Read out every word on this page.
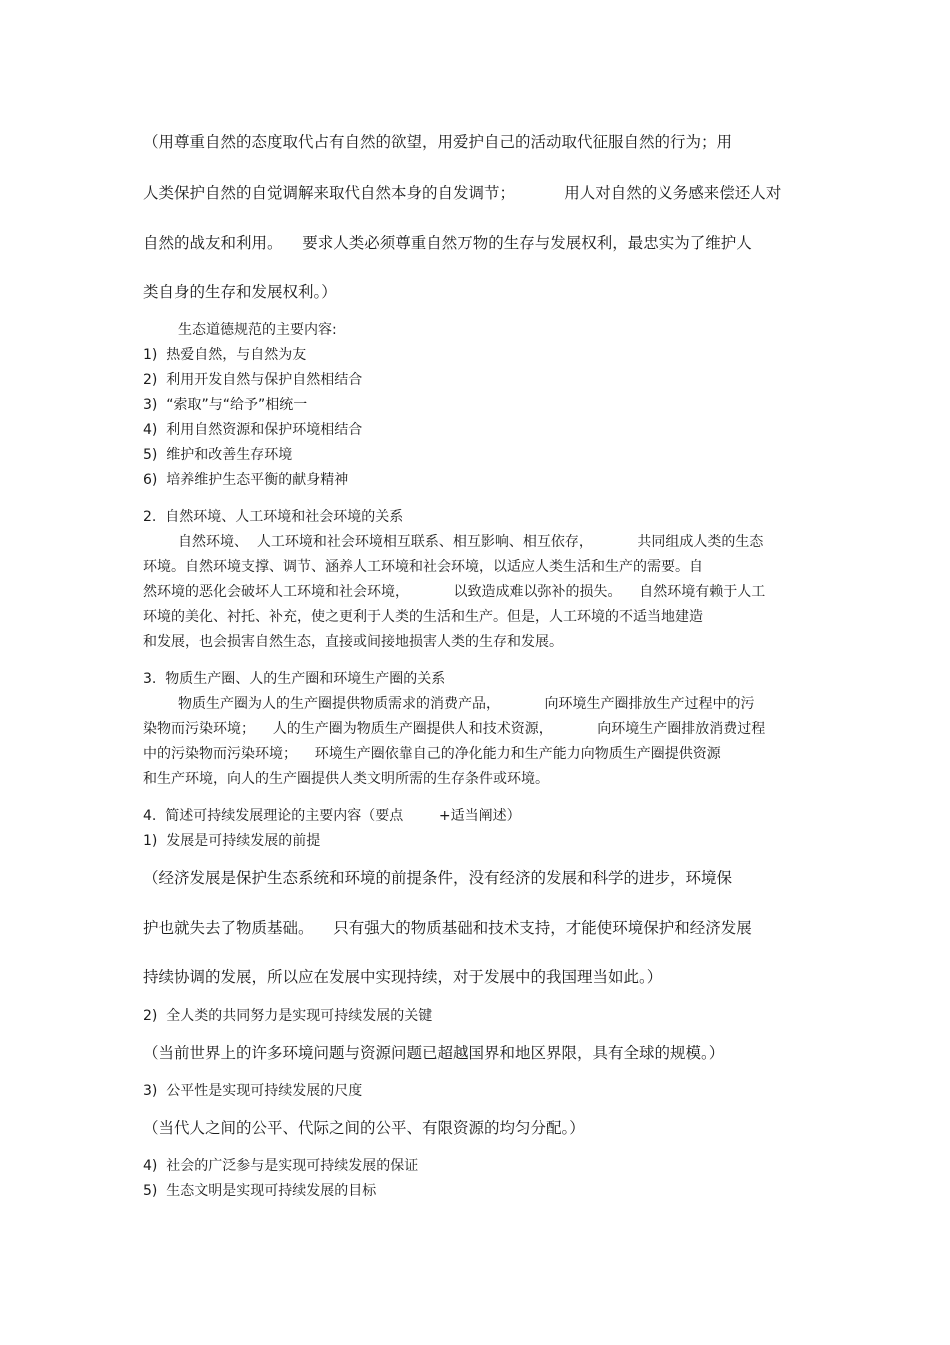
（用尊重自然的态度取代占有自然的欲望，用爱护自己的活动取代征服自然的行为；用
人类保护自然的自觉调解来取代自然本身的自发调节；          用人对自然的义务感来偿还人对
自然的战友和利用。    要求人类必须尊重自然万物的生存与发展权利，最忠实为了维护人
类自身的生存和发展权利。）
生态道德规范的主要内容:
1)  热爱自然，与自然为友
2)  利用开发自然与保护自然相结合
3)  “索取”与“给予”相统一
4)  利用自然资源和保护环境相结合
5)  维护和改善生存环境
6)  培养维护生态平衡的献身精神
2.  自然环境、人工环境和社会环境的关系
自然环境、  人工环境和社会环境相互联系、相互影响、相互依存，          共同组成人类的生态
环境。自然环境支撑、调节、涵养人工环境和社会环境，以适应人类生活和生产的需要。自
然环境的恶化会破坏人工环境和社会环境，          以致造成难以弥补的损失。    自然环境有赖于人工
环境的美化、衬托、补充，使之更利于人类的生活和生产。但是，人工环境的不适当地建造
和发展，也会损害自然生态，直接或间接地损害人类的生存和发展。
3.  物质生产圈、人的生产圈和环境生产圈的关系
物质生产圈为人的生产圈提供物质需求的消费产品，          向环境生产圈排放生产过程中的污
染物而污染环境；    人的生产圈为物质生产圈提供人和技术资源，          向环境生产圈排放消费过程
中的污染物而污染环境；    环境生产圈依靠自己的净化能力和生产能力向物质生产圈提供资源
和生产环境，向人的生产圈提供人类文明所需的生存条件或环境。
4.  简述可持续发展理论的主要内容（要点        +适当阐述）
1)  发展是可持续发展的前提
（经济发展是保护生态系统和环境的前提条件，没有经济的发展和科学的进步，环境保
护也就失去了物质基础。    只有强大的物质基础和技术支持，才能使环境保护和经济发展
持续协调的发展，所以应在发展中实现持续，对于发展中的我国理当如此。）
2)  全人类的共同努力是实现可持续发展的关键
（当前世界上的许多环境问题与资源问题已超越国界和地区界限，具有全球的规模。）
3)  公平性是实现可持续发展的尺度
（当代人之间的公平、代际之间的公平、有限资源的均匀分配。）
4)  社会的广泛参与是实现可持续发展的保证
5)  生态文明是实现可持续发展的目标
